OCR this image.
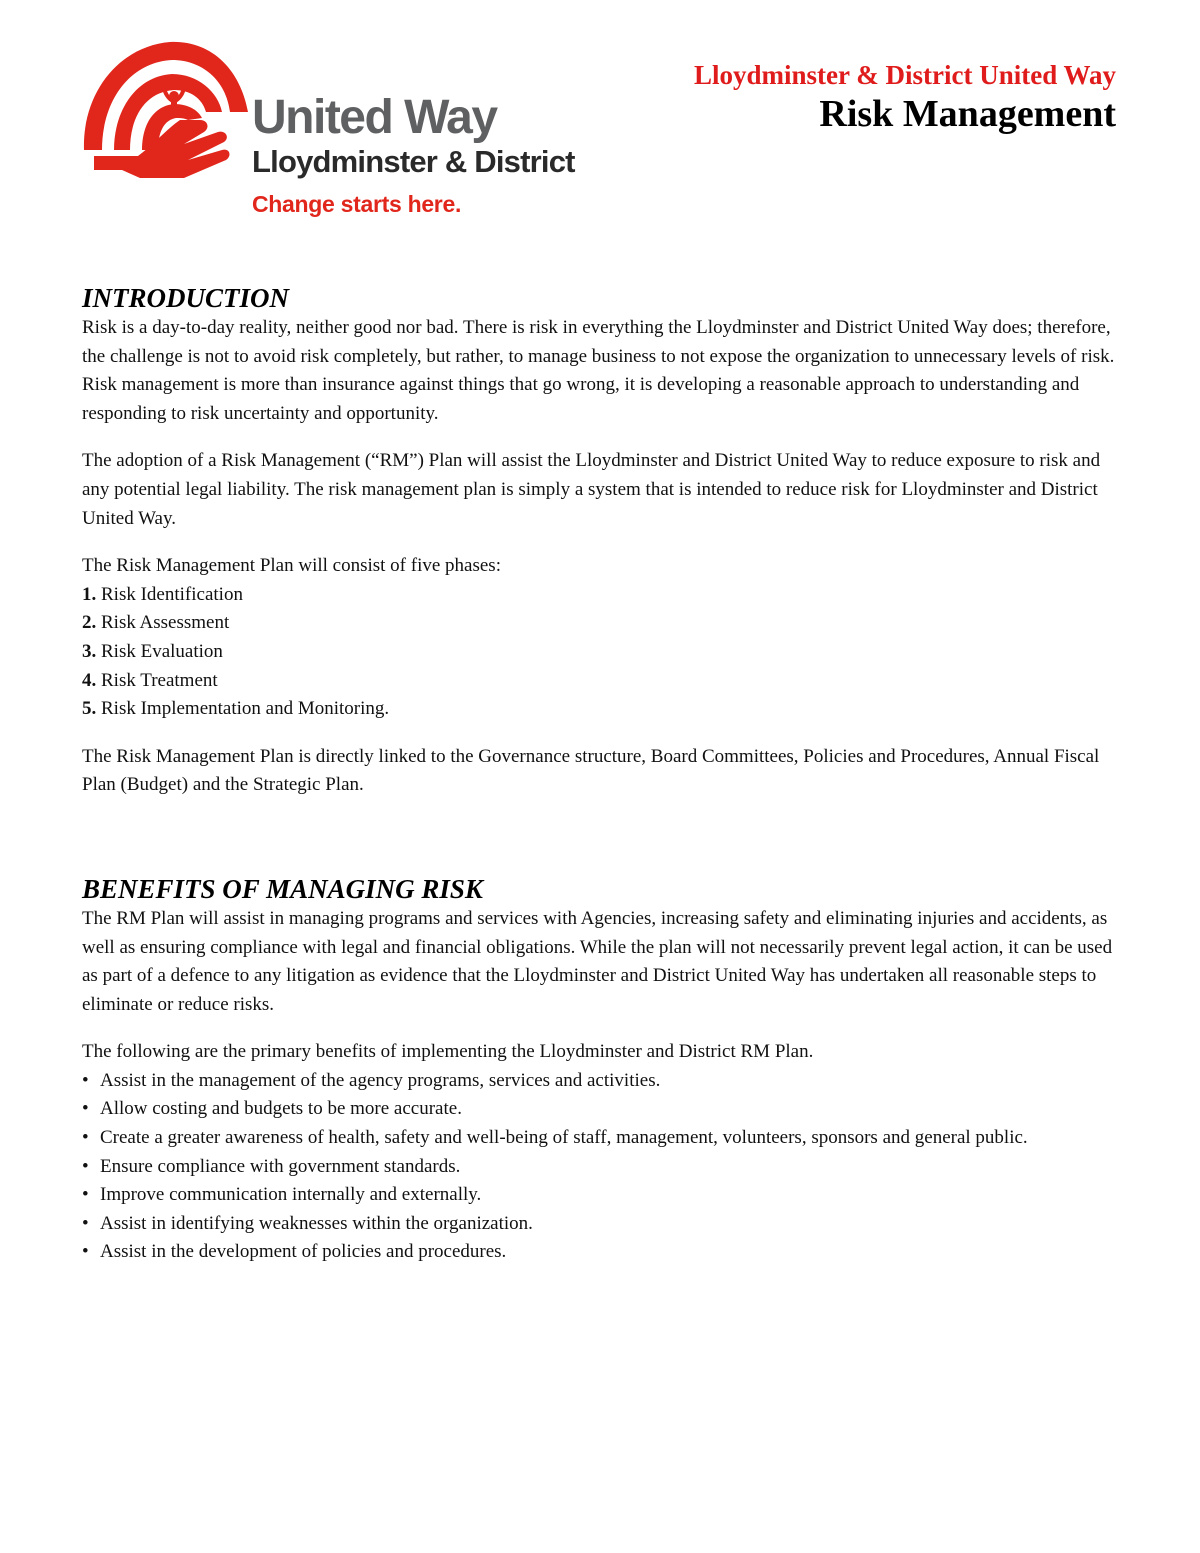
®
United Way
Lloydminster & District
Change starts here.
Lloydminster & District United Way
Risk Management
INTRODUCTION

Risk is a day-to-day reality, neither good nor bad. There is risk in everything the Lloydminster and District United Way does; therefore, the challenge is not to avoid risk completely, but rather, to manage business to not expose the organization to unnecessary levels of risk. Risk management is more than insurance against things that go wrong, it is developing a reasonable approach to understanding and responding to risk uncertainty and opportunity.

The adoption of a Risk Management (“RM”) Plan will assist the Lloydminster and District United Way to reduce exposure to risk and any potential legal liability. The risk management plan is simply a system that is intended to reduce risk for Lloydminster and District United Way.

The Risk Management Plan will consist of five phases:

1. Risk Identification
2. Risk Assessment
3. Risk Evaluation
4. Risk Treatment
5. Risk Implementation and Monitoring.

The Risk Management Plan is directly linked to the Governance structure, Board Committees, Policies and Procedures, Annual Fiscal Plan (Budget) and the Strategic Plan.

BENEFITS OF MANAGING RISK

The RM Plan will assist in managing programs and services with Agencies, increasing safety and eliminating injuries and accidents, as well as ensuring compliance with legal and financial obligations. While the plan will not necessarily prevent legal action, it can be used as part of a defence to any litigation as evidence that the Lloydminster and District United Way has undertaken all reasonable steps to eliminate or reduce risks.

The following are the primary benefits of implementing the Lloydminster and District RM Plan.

• Assist in the management of the agency programs, services and activities.
• Allow costing and budgets to be more accurate.
• Create a greater awareness of health, safety and well-being of staff, management, volunteers, sponsors and general public.
• Ensure compliance with government standards.
• Improve communication internally and externally.
• Assist in identifying weaknesses within the organization.
• Assist in the development of policies and procedures.
